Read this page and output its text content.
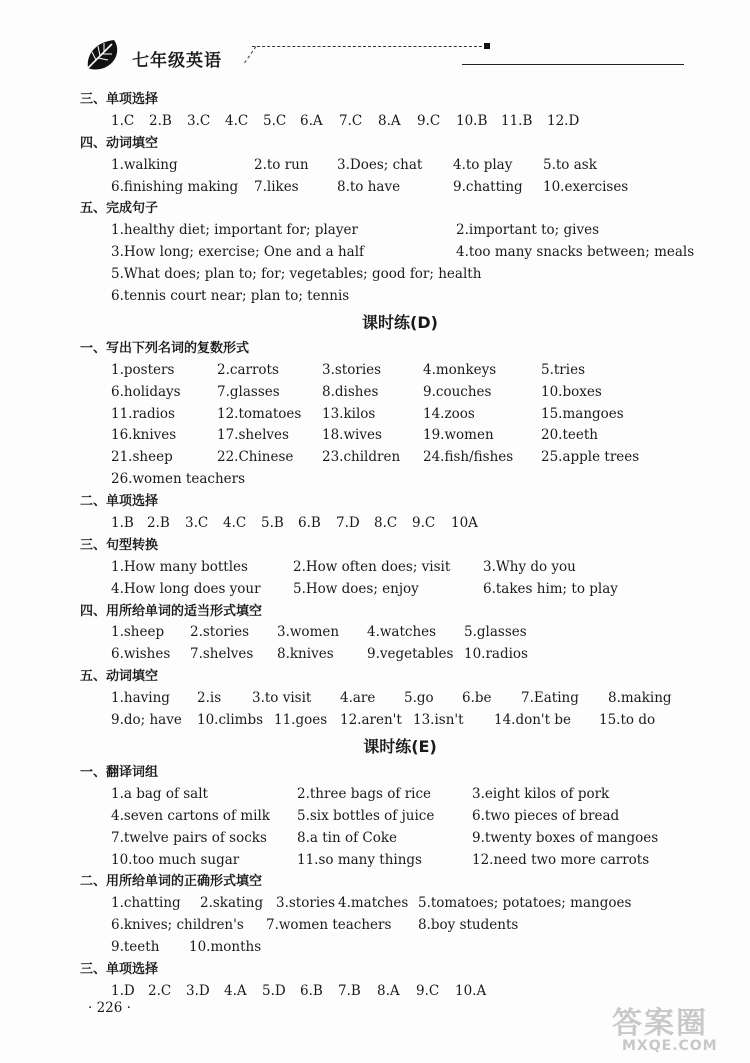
七年级英语
三、单项选择
1.C 2.B 3.C 4.C 5.C 6.A 7.C 8.A 9.C 10.B 11.B 12.D
四、动词填空
1.walking	2.to run 3.Does; chat 4.to play 5.to ask
6.finishing making 7.likes	8.to have	9.chatting 10.exercises
五、完成句子
1.healthy diet; important for; player	2.important to; gives
3.How long; exercise; One and a half	4.too many snacks between; meals
5.What does; plan to; for; vegetables; good for; health
6.tennis court near; plan to; tennis
课时练(D)
一、写出下列名词的复数形式
1.posters	2.carrots	3.stories	4.monkeys	5.tries
6.holidays	7.glasses	8.dishes	9.couches	10.boxes
11.radios	12.tomatoes 13.kilos	14.zoos	15.mangoes
16.knives	17.shelves 18.wives	19.women	20.teeth
21.sheep	22.Chinese 23.children 24.fish/fishes 25.apple trees
26.women teachers
二、单项选择
1.B 2.B 3.C 4.C 5.B 6.B 7.D 8.C 9.C 10A
三、句型转换
1.How many bottles	2.How often does; visit 3.Why do you
4.How long does your 5.How does; enjoy	6.takes him; to play
四、用所给单词的适当形式填空
1.sheep 2.stories 3.women 4.watches 5.glasses
6.wishes 7.shelves 8.knives 9.vegetables 10.radios
五、动词填空
1.having 2.is 3.to visit 4.are 5.go 6.be 7.Eating 8.making
9.do; have 10.climbs 11.goes 12.aren't 13.isn't 14.don't be 15.to do
课时练(E)
一、翻译词组
1.a bag of salt	2.three bags of rice	3.eight kilos of pork
4.seven cartons of milk 5.six bottles of juice	6.two pieces of bread
7.twelve pairs of socks 8.a tin of Coke	9.twenty boxes of mangoes
10.too much sugar	11.so many things	12.need two more carrots
二、用所给单词的正确形式填空
1.chatting 2.skating 3.stories 4.matches 5.tomatoes; potatoes; mangoes
6.knives; children's 7.women teachers 8.boy students
9.teeth 10.months
三、单项选择
1.D 2.C 3.D 4.A 5.D 6.B 7.B 8.A 9.C 10.A
· 226 ·	答案圈
MXQE.COM
